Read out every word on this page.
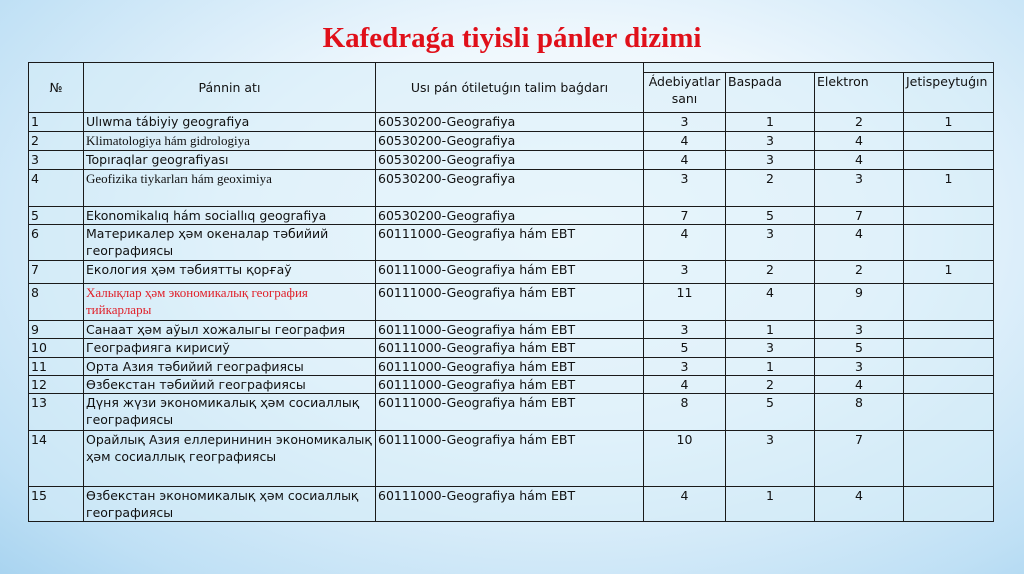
Kafedraǵa tiyisli pánler dizimi
№	Pánnin atı	Usı pán ótiletuǵın talim baǵdarı				
			Ádebiyatlar sanı	Baspada	Elektron	Jetispeytuǵın
1	Ulıwma tábiyiy geografiya	60530200-Geografiya	3	1	2	1
2	Klimatologiya hám gidrologiya	60530200-Geografiya	4	3	4	
3	Topıraqlar geografiyası	60530200-Geografiya	4	3	4	
4	Geofizika tiykarları hám geoximiya	60530200-Geografiya	3	2	3	1
5	Ekonomikalıq hám sociallıq geografiya	60530200-Geografiya	7	5	7	
6	Материкалер ҳәм океналар тәбийий географиясы	60111000-Geografiya hám EBT	4	3	4	
7	Екология ҳәм тәбиятты қорғаў	60111000-Geografiya hám EBT	3	2	2	1
8	Халықлар ҳәм экономикалық география тийкарлары	60111000-Geografiya hám EBT	11	4	9	
9	Санаат ҳәм аўыл хожалыгы география	60111000-Geografiya hám EBT	3	1	3	
10	Географияга кирисиў	60111000-Geografiya hám EBT	5	3	5	
11	Орта Азия тәбийий географиясы	60111000-Geografiya hám EBT	3	1	3	
12	Өзбекстан тәбийий географиясы	60111000-Geografiya hám EBT	4	2	4	
13	Дүня жүзи экономикалық ҳәм сосиаллық географиясы	60111000-Geografiya hám EBT	8	5	8	
14	Орайлық Азия еллерининин экономикалық ҳәм сосиаллық географиясы	60111000-Geografiya hám EBT	10	3	7	
15	Өзбекстан экономикалық ҳәм сосиаллық географиясы	60111000-Geografiya hám EBT	4	1	4	
